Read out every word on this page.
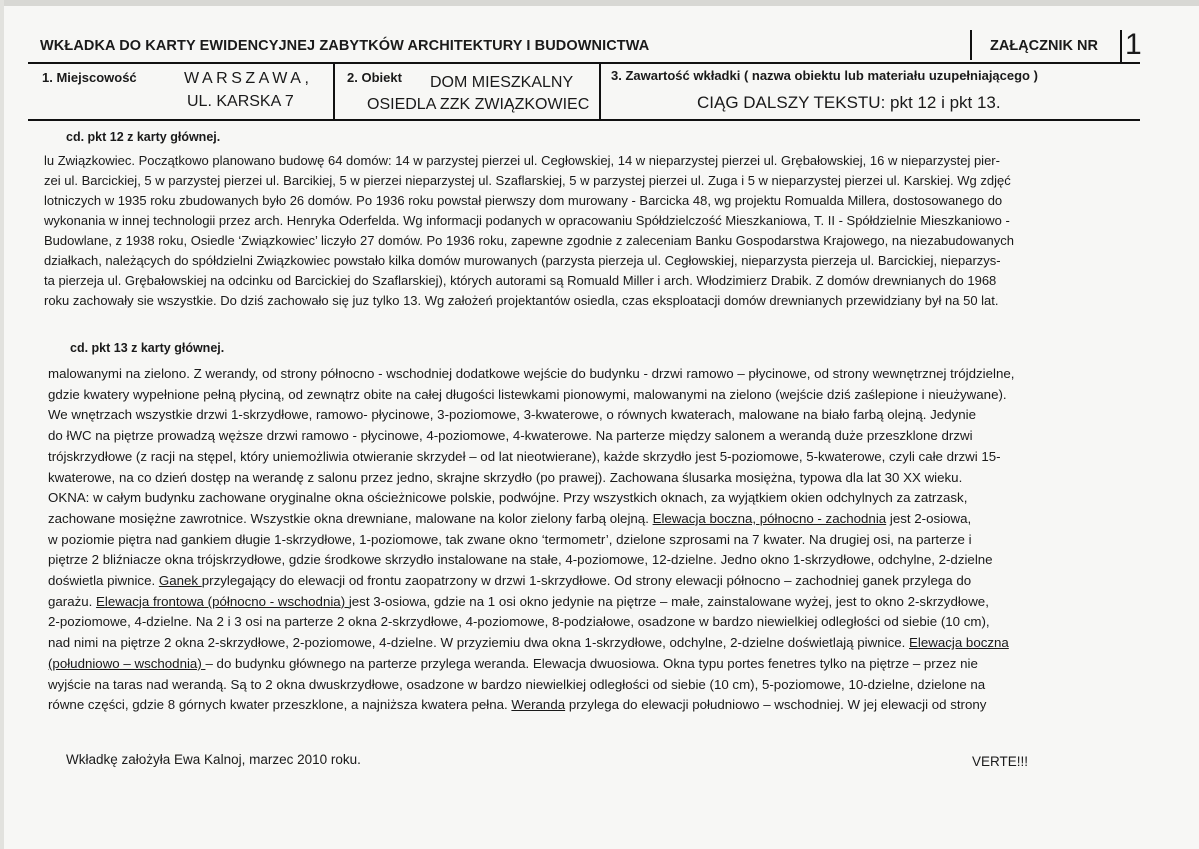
WKŁADKA DO KARTY EWIDENCYJNEJ ZABYTKÓW ARCHITEKTURY I BUDOWNICTWA	ZAŁĄCZNIK NR 1
1. Miejscowość	WARSZAWA,
UL. KARSKA 7
2. Obiekt DOM MIESZKALNY
OSIEDLA ZZK ZWIĄZKOWIEC
3. Zawartość wkładki ( nazwa obiektu lub materiału uzupełniającego )
CIĄG DALSZY TEKSTU: pkt 12 i pkt 13.
cd. pkt 12 z karty głównej.

lu Związkowiec. Początkowo planowano budowę 64 domów: 14 w parzystej pierzei ul. Cegłowskiej, 14 w nieparzystej pierzei ul. Grębałowskiej, 16 w nieparzystej pier-

zei ul. Barcickiej, 5 w parzystej pierzei ul. Barcikiej, 5 w pierzei nieparzystej ul. Szaflarskiej, 5 w parzystej pierzei ul. Zuga i 5 w nieparzystej pierzei ul. Karskiej. Wg zdjęć

lotniczych w 1935 roku zbudowanych było 26 domów. Po 1936 roku powstał pierwszy dom murowany - Barcicka 48, wg projektu Romualda Millera, dostosowanego do

wykonania w innej technologii przez arch. Henryka Oderfelda. Wg informacji podanych w opracowaniu Spółdzielczość Mieszkaniowa, T. II - Spółdzielnie Mieszkaniowo -

Budowlane, z 1938 roku, Osiedle ‘Związkowiec’ liczyło 27 domów. Po 1936 roku, zapewne zgodnie z zaleceniam Banku Gospodarstwa Krajowego, na niezabudowanych

działkach, należących do spółdzielni Związkowiec powstało kilka domów murowanych (parzysta pierzeja ul. Cegłowskiej, nieparzysta pierzeja ul. Barcickiej, nieparzys-

ta pierzeja ul. Grębałowskiej na odcinku od Barcickiej do Szaflarskiej), których autorami są Romuald Miller i arch. Włodzimierz Drabik. Z domów drewnianych do 1968

roku zachowały sie wszystkie. Do dziś zachowało się juz tylko 13. Wg założeń projektantów osiedla, czas eksploatacji domów drewnianych przewidziany był na 50 lat.

cd. pkt 13 z karty głównej.

malowanymi na zielono. Z werandy, od strony północno - wschodniej dodatkowe wejście do budynku - drzwi ramowo – płycinowe, od strony wewnętrznej trójdzielne,

gdzie kwatery wypełnione pełną płyciną, od zewnątrz obite na całej długości listewkami pionowymi, malowanymi na zielono (wejście dziś zaślepione i nieużywane).

We wnętrzach wszystkie drzwi 1-skrzydłowe, ramowo- płycinowe, 3-poziomowe, 3-kwaterowe, o równych kwaterach, malowane na biało farbą olejną. Jedynie

do łWC na piętrze prowadzą węższe drzwi ramowo - płycinowe, 4-poziomowe, 4-kwaterowe. Na parterze między salonem a werandą duże przeszklone drzwi

trójskrzydłowe (z racji na stępel, który uniemożliwia otwieranie skrzydeł – od lat nieotwierane), każde skrzydło jest 5-poziomowe, 5-kwaterowe, czyli całe drzwi 15-

kwaterowe, na co dzień dostęp na werandę z salonu przez jedno, skrajne skrzydło (po prawej). Zachowana ślusarka mosiężna, typowa dla lat 30 XX wieku.

OKNA: w całym budynku zachowane oryginalne okna ościeżnicowe polskie, podwójne. Przy wszystkich oknach, za wyjątkiem okien odchylnych za zatrzask,

zachowane mosiężne zawrotnice. Wszystkie okna drewniane, malowane na kolor zielony farbą olejną. Elewacja boczna, północno - zachodnia jest 2-osiowa,

w poziomie piętra nad gankiem długie 1-skrzydłowe, 1-poziomowe, tak zwane okno ‘termometr’, dzielone szprosami na 7 kwater. Na drugiej osi, na parterze i

piętrze 2 bliźniacze okna trójskrzydłowe, gdzie środkowe skrzydło instalowane na stałe, 4-poziomowe, 12-dzielne. Jedno okno 1-skrzydłowe, odchylne, 2-dzielne

doświetla piwnice. Ganek przylegający do elewacji od frontu zaopatrzony w drzwi 1-skrzydłowe. Od strony elewacji północno – zachodniej ganek przylega do

garażu. Elewacja frontowa (północno - wschodnia) jest 3-osiowa, gdzie na 1 osi okno jedynie na piętrze – małe, zainstalowane wyżej, jest to okno 2-skrzydłowe,

2-poziomowe, 4-dzielne. Na 2 i 3 osi na parterze 2 okna 2-skrzydłowe, 4-poziomowe, 8-podziałowe, osadzone w bardzo niewielkiej odległości od siebie (10 cm),

nad nimi na piętrze 2 okna 2-skrzydłowe, 2-poziomowe, 4-dzielne. W przyziemiu dwa okna 1-skrzydłowe, odchylne, 2-dzielne doświetlają piwnice. Elewacja boczna

(południowo – wschodnia) – do budynku głównego na parterze przylega weranda. Elewacja dwuosiowa. Okna typu portes fenetres tylko na piętrze – przez nie

wyjście na taras nad werandą. Są to 2 okna dwuskrzydłowe, osadzone w bardzo niewielkiej odległości od siebie (10 cm), 5-poziomowe, 10-dzielne, dzielone na

równe części, gdzie 8 górnych kwater przeszklone, a najniższa kwatera pełna. Weranda przylega do elewacji południowo – wschodniej. W jej elewacji od strony

Wkładkę założyła Ewa Kalnoj, marzec 2010 roku.	VERTE!!!
